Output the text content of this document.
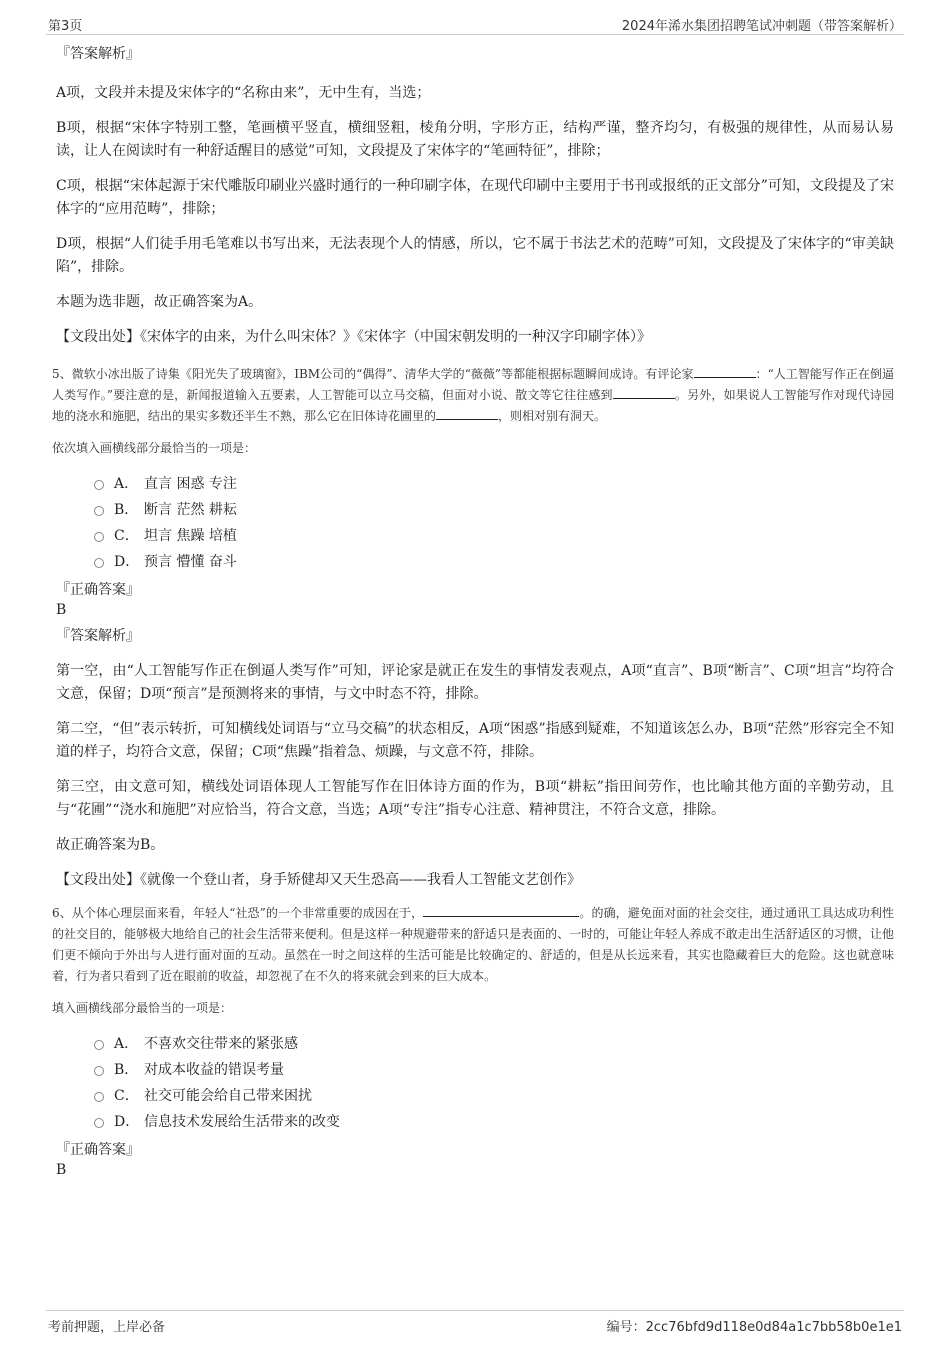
第3页	2024年浠水集团招聘笔试冲刺题（带答案解析）
『答案解析』

A项，文段并未提及宋体字的“名称由来”，无中生有，当选；

B项，根据“宋体字特别工整，笔画横平竖直，横细竖粗，棱角分明，字形方正，结构严谨，整齐均匀，有极强的规律性，从而易认易读，让人在阅读时有一种舒适醒目的感觉”可知，文段提及了宋体字的“笔画特征”，排除；

C项，根据“宋体起源于宋代雕版印刷业兴盛时通行的一种印刷字体，在现代印刷中主要用于书刊或报纸的正文部分”可知，文段提及了宋体字的“应用范畴”，排除；

D项，根据“人们徒手用毛笔难以书写出来，无法表现个人的情感，所以，它不属于书法艺术的范畴”可知，文段提及了宋体字的“审美缺陷”，排除。

本题为选非题，故正确答案为A。

【文段出处】《宋体字的由来，为什么叫宋体？》《宋体字（中国宋朝发明的一种汉字印刷字体）》

5、微软小冰出版了诗集《阳光失了玻璃窗》，IBM公司的“偶得”、清华大学的“薇薇”等都能根据标题瞬间成诗。有评论家	：“人工智能写作正在倒逼人类写作。”要注意的是，新闻报道输入五要素，人工智能可以立马交稿，但面对小说、散文等它往往感到	。另外，如果说人工智能写作对现代诗园地的浇水和施肥，结出的果实多数还半生不熟，那么它在旧体诗花圃里的	，则相对别有洞天。

依次填入画横线部分最恰当的一项是：

A． 直言 困惑 专注
B． 断言 茫然 耕耘
C． 坦言 焦躁 培植
D． 预言 懵懂 奋斗
『正确答案』
B
『答案解析』

第一空，由“人工智能写作正在倒逼人类写作”可知，评论家是就正在发生的事情发表观点，A项“直言”、B项“断言”、C项“坦言”均符合文意，保留；D项“预言”是预测将来的事情，与文中时态不符，排除。

第二空，“但”表示转折，可知横线处词语与“立马交稿”的状态相反，A项“困惑”指感到疑难，不知道该怎么办，B项“茫然”形容完全不知道的样子，均符合文意，保留；C项“焦躁”指着急、烦躁，与文意不符，排除。

第三空，由文意可知，横线处词语体现人工智能写作在旧体诗方面的作为，B项“耕耘”指田间劳作，也比喻其他方面的辛勤劳动，且与“花圃”“浇水和施肥”对应恰当，符合文意，当选；A项“专注”指专心注意、精神贯注，不符合文意，排除。

故正确答案为B。

【文段出处】《就像一个登山者，身手矫健却又天生恐高——我看人工智能文艺创作》

6、从个体心理层面来看，年轻人“社恐”的一个非常重要的成因在于，	。的确，避免面对面的社会交往，通过通讯工具达成功利性的社交目的，能够极大地给自己的社会生活带来便利。但是这样一种规避带来的舒适只是表面的、一时的，可能让年轻人养成不敢走出生活舒适区的习惯，让他们更不倾向于外出与人进行面对面的互动。虽然在一时之间这样的生活可能是比较确定的、舒适的，但是从长远来看，其实也隐藏着巨大的危险。这也就意味着，行为者只看到了近在眼前的收益，却忽视了在不久的将来就会到来的巨大成本。

填入画横线部分最恰当的一项是：

A． 不喜欢交往带来的紧张感
B． 对成本收益的错误考量
C． 社交可能会给自己带来困扰
D． 信息技术发展给生活带来的改变
『正确答案』
B
考前押题，上岸必备	编号：2cc76bfd9d118e0d84a1c7bb58b0e1e1
